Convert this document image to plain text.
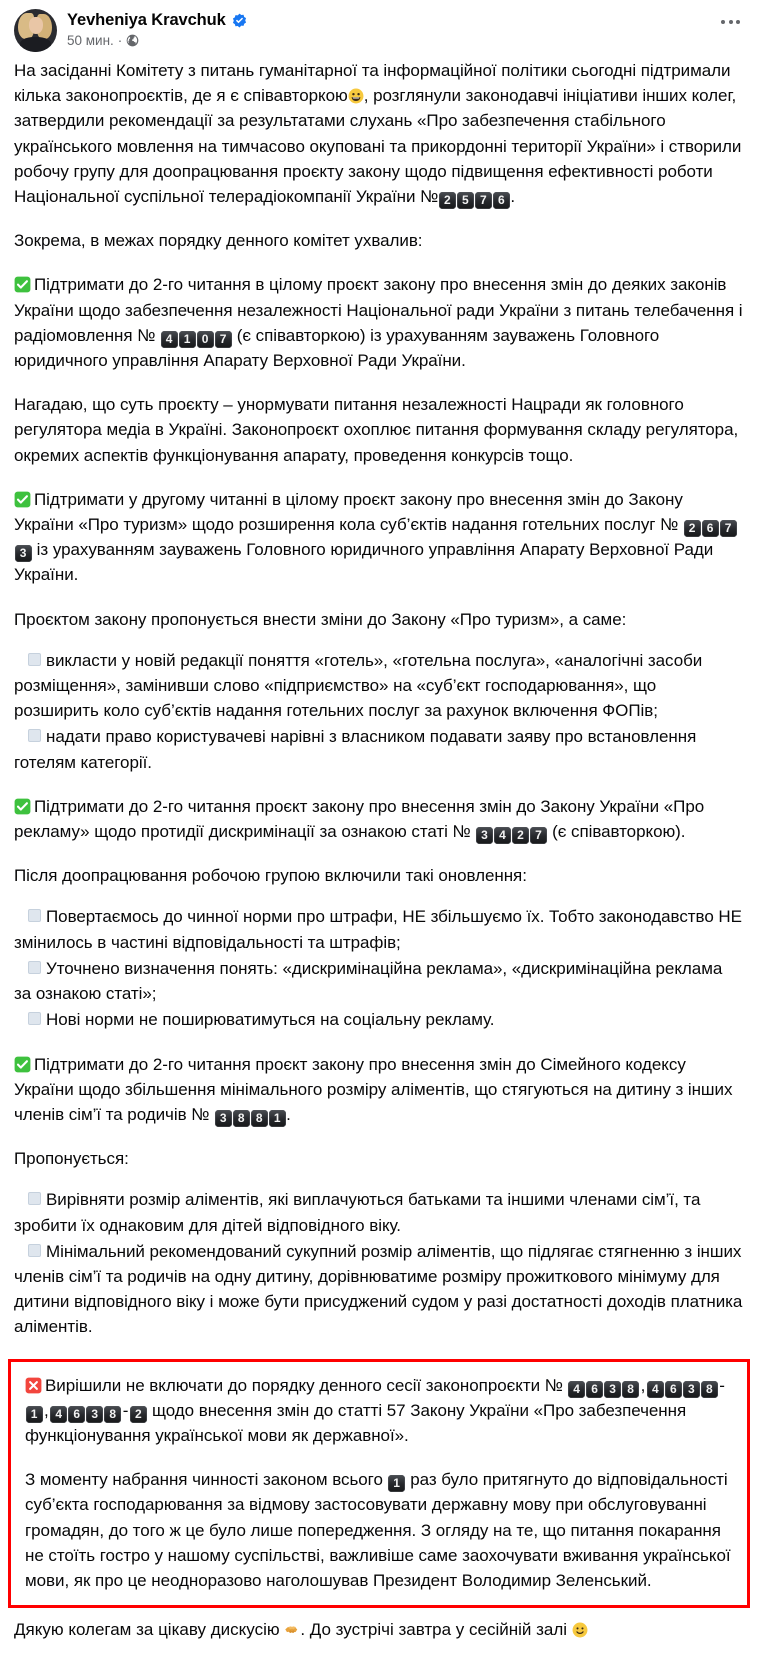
Yevheniya Kravchuk
50 мин. ·

На засіданні Комітету з питань гуманітарної та інформаційної політики сьогодні підтримали кілька законопроєктів, де я є співавторкою , розглянули законодавчі ініціативи інших колег, затвердили рекомендації за результатами слухань «Про забезпечення стабільного українського мовлення на тимчасово окуповані та прикордонні території України» і створили робочу групу для доопрацювання проєкту закону щодо підвищення ефективності роботи Національної суспільної телерадіокомпанії України № 2 5 7 6 .

Зокрема, в межах порядку денного комітет ухвалив:

Підтримати до 2-го читання в цілому проєкт закону про внесення змін до деяких законів України щодо забезпечення незалежності Національної ради України з питань телебачення і радіомовлення № 4 1 0 7 (є співавторкою) із урахуванням зауважень Головного юридичного управління Апарату Верховної Ради України.

Нагадаю, що суть проєкту – унормувати питання незалежності Нацради як головного регулятора медіа в Україні. Законопроєкт охоплює питання формування складу регулятора, окремих аспектів функціонування апарату, проведення конкурсів тощо.

Підтримати у другому читанні в цілому проєкт закону про внесення змін до Закону України «Про туризм» щодо розширення кола суб’єктів надання готельних послуг № 2 6 73 із урахуванням зауважень Головного юридичного управління Апарату Верховної Ради України.

Проєктом закону пропонується внести зміни до Закону «Про туризм», а саме:

викласти у новій редакції поняття «готель», «готельна послуга», «аналогічні засоби розміщення», замінивши слово «підприємство» на «суб’єкт господарювання», що розширить коло суб’єктів надання готельних послуг за рахунок включення ФОПів;

надати право користувачеві нарівні з власником подавати заяву про встановлення готелям категорії.

Підтримати до 2-го читання проєкт закону про внесення змін до Закону України «Про рекламу» щодо протидії дискримінації за ознакою статі № 3 4 2 7 (є співавторкою).

Після доопрацювання робочою групою включили такі оновлення:

Повертаємось до чинної норми про штрафи, НЕ збільшуємо їх. Тобто законодавство НЕ змінилось в частині відповідальності та штрафів;

Уточнено визначення понять: «дискримінаційна реклама», «дискримінаційна реклама за ознакою статі»;

Нові норми не поширюватимуться на соціальну рекламу.

Підтримати до 2-го читання проєкт закону про внесення змін до Сімейного кодексу України щодо збільшення мінімального розміру аліментів, що стягуються на дитину з інших членів сім’ї та родичів № 3 8 8 1 .

Пропонується:

Вирівняти розмір аліментів, які виплачуються батьками та іншими членами сім’ї, та зробити їх однаковим для дітей відповідного віку.

Мінімальний рекомендований сукупний розмір аліментів, що підлягає стягненню з інших членів сім’ї та родичів на одну дитину, дорівнюватиме розміру прожиткового мінімуму для дитини відповідного віку і може бути присуджений судом у разі достатності доходів платника аліментів.

Вирішили не включати до порядку денного сесії законопроєкти № 4 6 3 8 ,4 6 3 8 -1 ,4 6 3 8 - 2 щодо внесення змін до статті 57 Закону України «Про забезпечення функціонування української мови як державної».

З моменту набрання чинності законом всього 1 раз було притягнуто до відповідальності суб’єкта господарювання за відмову застосовувати державну мову при обслуговуванні громадян, до того ж це було лише попередження. З огляду на те, що питання покарання не стоїть гостро у нашому суспільстві, важливіше саме заохочувати вживання української мови, як про це неодноразово наголошував Президент Володимир Зеленський.

Дякую колегам за цікаву дискусію . До зустрічі завтра у сесійній залі
